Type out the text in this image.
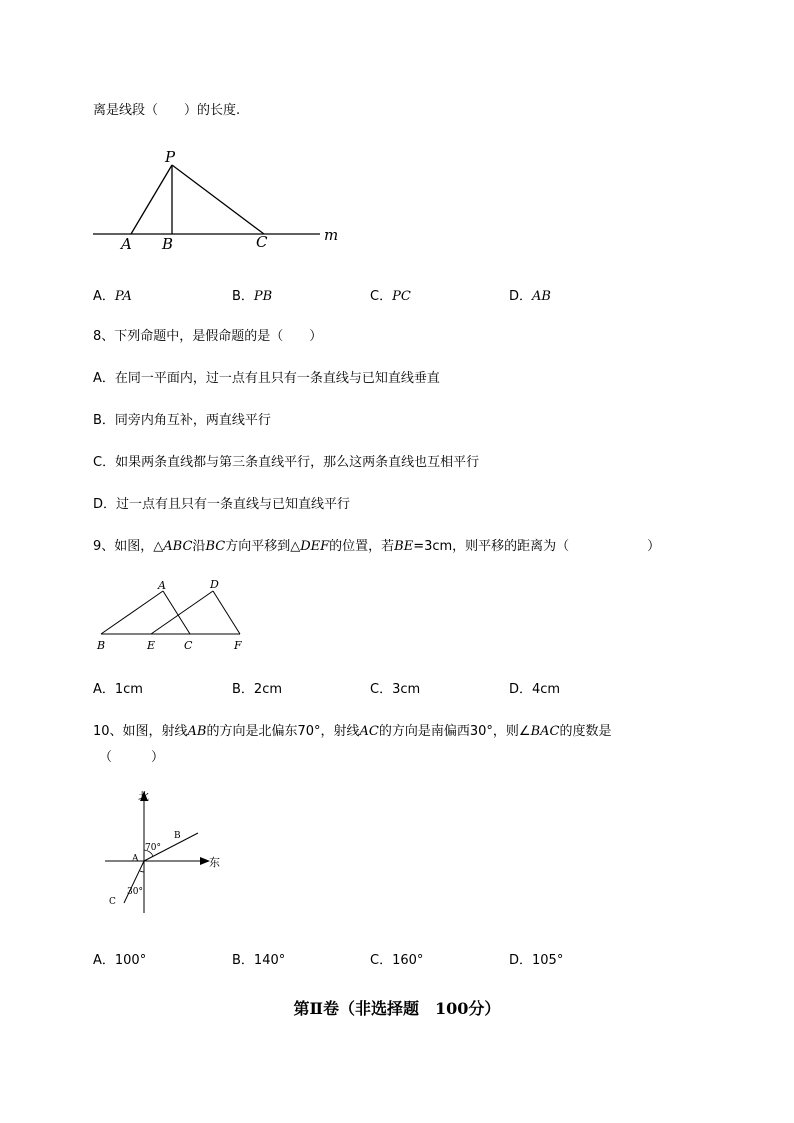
离是线段（　　）的长度.
P
A B	C	m
A．PA	B．PB	C．PC	D．AB
8、下列命题中，是假命题的是（　　）
A．在同一平面内，过一点有且只有一条直线与已知直线垂直
B．同旁内角互补，两直线平行
C．如果两条直线都与第三条直线平行，那么这两条直线也互相平行
D．过一点有且只有一条直线与已知直线平行
9、如图，△ABC沿BC方向平移到△DEF的位置，若BE=3cm，则平移的距离为（　　　　　　）
A	D
B	E	C	F
A．1cm	B．2cm	C．3cm	D．4cm
10、如图，射线AB的方向是北偏东70°，射线AC的方向是南偏西30°，则∠BAC的度数是
（　　　）
北
东
A
B
C
70°
30°
A．100°	B．140°	C．160°	D．105°
第Ⅱ卷（非选择题　100分）
